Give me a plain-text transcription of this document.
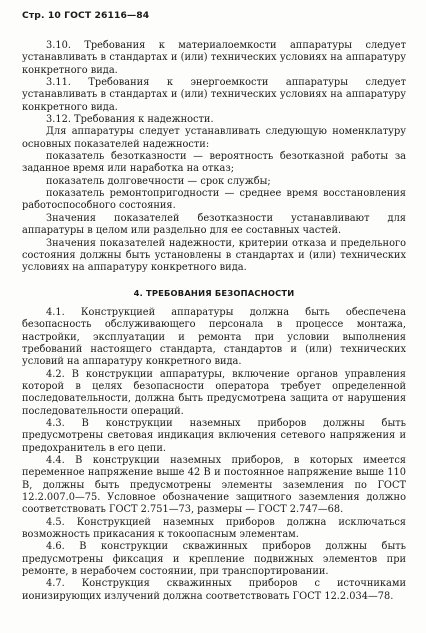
Стр. 10 ГОСТ 26116—84

3.10. Требования к материалоемкости аппаратуры следует устанавливать в стандартах и (или) технических условиях на аппаратуру конкретного вида.

3.11. Требования к энергоемкости аппаратуры следует устанавливать в стандартах и (или) технических условиях на аппаратуру конкретного вида.

3.12. Требования к надежности.

Для аппаратуры следует устанавливать следующую номенклатуру основных показателей надежности:

показатель безотказности — вероятность безотказной работы за заданное время или наработка на отказ;

показатель долговечности — срок службы;

показатель ремонтопригодности — среднее время восстановления работоспособного состояния.

Значения показателей безотказности устанавливают для аппаратуры в целом или раздельно для ее составных частей.

Значения показателей надежности, критерии отказа и предельного состояния должны быть установлены в стандартах и (или) технических условиях на аппаратуру конкретного вида.

4. ТРЕБОВАНИЯ БЕЗОПАСНОСТИ

4.1. Конструкцией аппаратуры должна быть обеспечена безопасность обслуживающего персонала в процессе монтажа, настройки, эксплуатации и ремонта при условии выполнения требований настоящего стандарта, стандартов и (или) технических условий на аппаратуру конкретного вида.

4.2. В конструкции аппаратуры, включение органов управления которой в целях безопасности оператора требует определенной последовательности, должна быть предусмотрена защита от нарушения последовательности операций.

4.3. В конструкции наземных приборов должны быть предусмотрены световая индикация включения сетевого напряжения и предохранитель в его цепи.

4.4. В конструкции наземных приборов, в которых имеется переменное напряжение выше 42 В и постоянное напряжение выше 110 В, должны быть предусмотрены элементы заземления по ГОСТ 12.2.007.0—75. Условное обозначение защитного заземления должно соответствовать ГОСТ 2.751—73, размеры — ГОСТ 2.747—68.

4.5. Конструкцией наземных приборов должна исключаться возможность прикасания к токоопасным элементам.

4.6. В конструкции скважинных приборов должны быть предусмотрены фиксация и крепление подвижных элементов при ремонте, в нерабочем состоянии, при транспортировании.

4.7. Конструкция скважинных приборов с источниками ионизирующих излучений должна соответствовать ГОСТ 12.2.034—78.
